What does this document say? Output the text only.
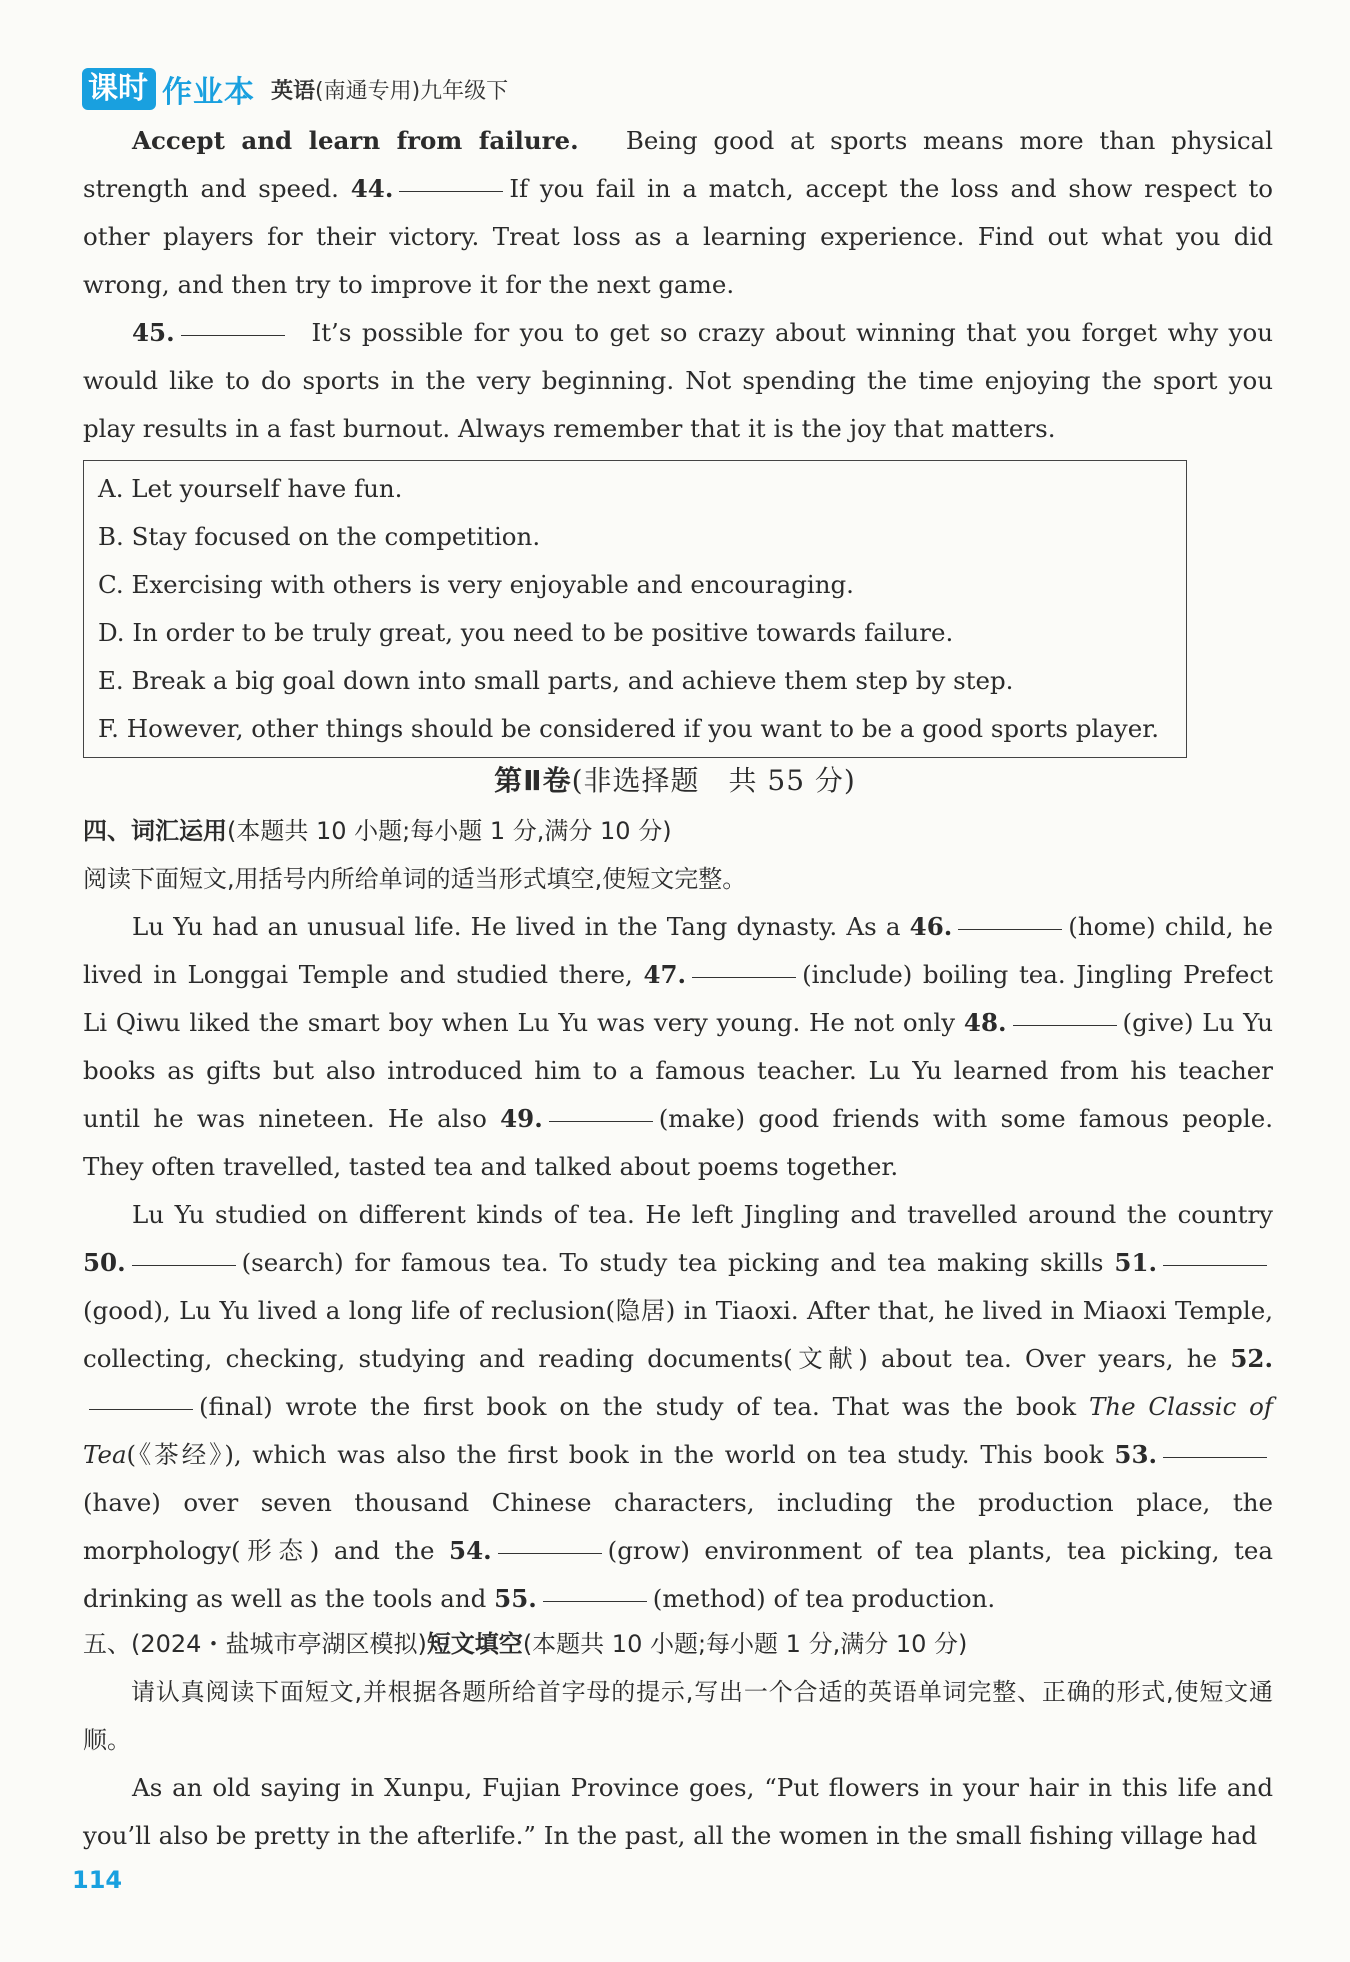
课时 作业本 英语(南通专用)九年级下

Accept and learn from failure. Being good at sports means more than physical strength and speed. 44.	If you fail in a match, accept the loss and show respect to other players for their victory. Treat loss as a learning experience. Find out what you did wrong, and then try to improve it for the next game.

45.	It’s possible for you to get so crazy about winning that you forget why you would like to do sports in the very beginning. Not spending the time enjoying the sport you play results in a fast burnout. Always remember that it is the joy that matters.

A. Let yourself have fun.
B. Stay focused on the competition.
C. Exercising with others is very enjoyable and encouraging.
D. In order to be truly great, you need to be positive towards failure.
E. Break a big goal down into small parts, and achieve them step by step.
F. However, other things should be considered if you want to be a good sports player.
第Ⅱ卷(非选择题　共 55 分)

四、词汇运用(本题共 10 小题;每小题 1 分,满分 10 分)

阅读下面短文,用括号内所给单词的适当形式填空,使短文完整。

Lu Yu had an unusual life. He lived in the Tang dynasty. As a 46.	(home) child, he lived in Longgai Temple and studied there, 47.	(include) boiling tea. Jingling Prefect Li Qiwu liked the smart boy when Lu Yu was very young. He not only 48.	(give) Lu Yu books as gifts but also introduced him to a famous teacher. Lu Yu learned from his teacher until he was nineteen. He also 49.	(make) good friends with some famous people. They often travelled, tasted tea and talked about poems together.

Lu Yu studied on different kinds of tea. He left Jingling and travelled around the country 50.	(search) for famous tea. To study tea picking and tea making skills 51.(good), Lu Yu lived a long life of reclusion(隐居) in Tiaoxi. After that, he lived in Miaoxi Temple, collecting, checking, studying and reading documents(文献) about tea. Over years, he 52.(final) wrote the first book on the study of tea. That was the book The Classic of Tea(《茶经》), which was also the first book in the world on tea study. This book 53.(have) over seven thousand Chinese characters, including the production place, the morphology(形态) and the 54.	(grow) environment of tea plants, tea picking, tea drinking as well as the tools and 55.	(method) of tea production.

五、(2024・盐城市亭湖区模拟)短文填空(本题共 10 小题;每小题 1 分,满分 10 分)

请认真阅读下面短文,并根据各题所给首字母的提示,写出一个合适的英语单词完整、正确的形式,使短文通顺。

As an old saying in Xunpu, Fujian Province goes, “Put flowers in your hair in this life and you’ll also be pretty in the afterlife.” In the past, all the women in the small fishing village had

114
